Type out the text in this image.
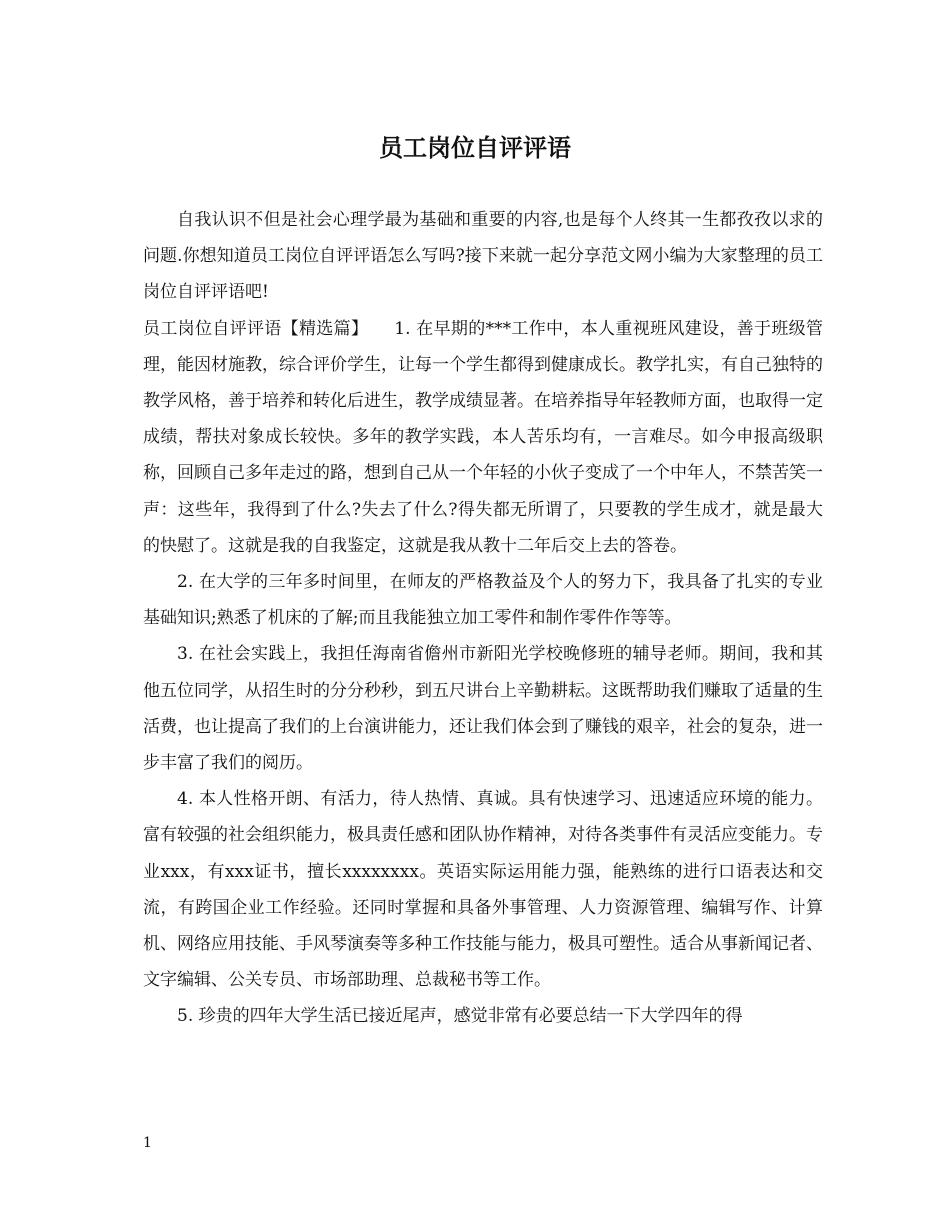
员工岗位自评评语

自我认识不但是社会心理学最为基础和重要的内容,也是每个人终其一生都孜孜以求的问题.你想知道员工岗位自评评语怎么写吗?接下来就一起分享范文网小编为大家整理的员工岗位自评评语吧!

员工岗位自评评语【精选篇】 1. 在早期的***工作中，本人重视班风建设，善于班级管理，能因材施教，综合评价学生，让每一个学生都得到健康成长。教学扎实，有自己独特的教学风格，善于培养和转化后进生，教学成绩显著。在培养指导年轻教师方面，也取得一定成绩，帮扶对象成长较快。多年的教学实践，本人苦乐均有，一言难尽。如今申报高级职称，回顾自己多年走过的路，想到自己从一个年轻的小伙子变成了一个中年人，不禁苦笑一声：这些年，我得到了什么?失去了什么?得失都无所谓了，只要教的学生成才，就是最大的快慰了。这就是我的自我鉴定，这就是我从教十二年后交上去的答卷。

2. 在大学的三年多时间里，在师友的严格教益及个人的努力下，我具备了扎实的专业基础知识;熟悉了机床的了解;而且我能独立加工零件和制作零件作等等。

3. 在社会实践上，我担任海南省儋州市新阳光学校晚修班的辅导老师。期间，我和其他五位同学，从招生时的分分秒秒，到五尺讲台上辛勤耕耘。这既帮助我们赚取了适量的生活费，也让提高了我们的上台演讲能力，还让我们体会到了赚钱的艰辛，社会的复杂，进一步丰富了我们的阅历。

4. 本人性格开朗、有活力，待人热情、真诚。具有快速学习、迅速适应环境的能力。富有较强的社会组织能力，极具责任感和团队协作精神，对待各类事件有灵活应变能力。专业xxx，有xxx证书，擅长xxxxxxxx。英语实际运用能力强，能熟练的进行口语表达和交流，有跨国企业工作经验。还同时掌握和具备外事管理、人力资源管理、编辑写作、计算机、网络应用技能、手风琴演奏等多种工作技能与能力，极具可塑性。适合从事新闻记者、文字编辑、公关专员、市场部助理、总裁秘书等工作。

5. 珍贵的四年大学生活已接近尾声，感觉非常有必要总结一下大学四年的得

1
